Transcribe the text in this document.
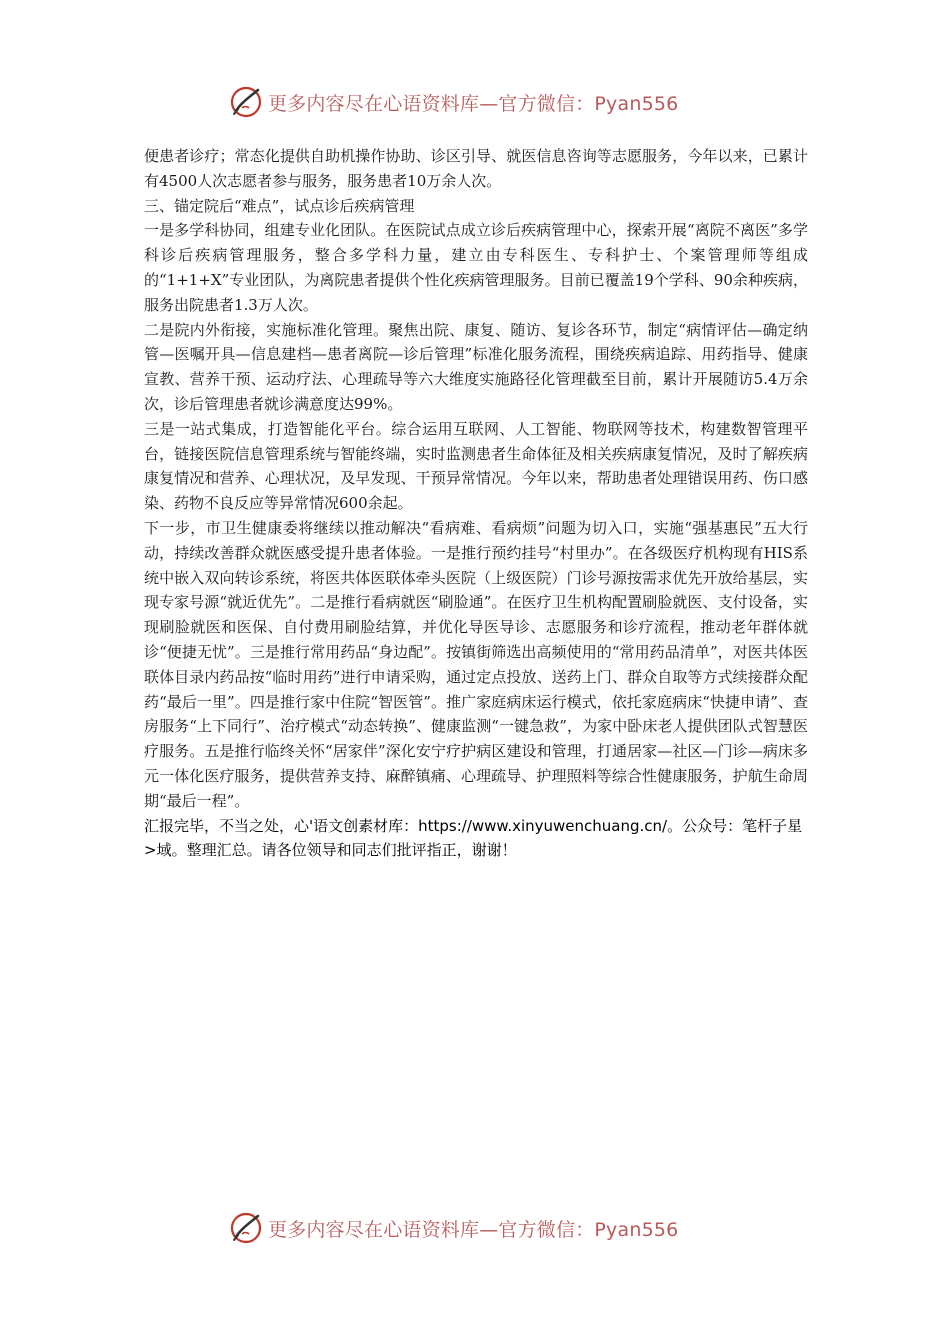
更多内容尽在心语资料库—官方微信：Pyan556

便患者诊疗；常态化提供自助机操作协助、诊区引导、就医信息咨询等志愿服务，今年以来，已累计有4500人次志愿者参与服务，服务患者10万余人次。

三、锚定院后“难点”，试点诊后疾病管理

一是多学科协同，组建专业化团队。在医院试点成立诊后疾病管理中心，探索开展“离院不离医”多学科诊后疾病管理服务，整合多学科力量，建立由专科医生、专科护士、个案管理师等组成的“1+1+X”专业团队，为离院患者提供个性化疾病管理服务。目前已覆盖19个学科、90余种疾病，服务出院患者1.3万人次。

二是院内外衔接，实施标准化管理。聚焦出院、康复、随访、复诊各环节，制定“病情评估—确定纳管—医嘱开具—信息建档—患者离院—诊后管理”标准化服务流程，围绕疾病追踪、用药指导、健康宣教、营养干预、运动疗法、心理疏导等六大维度实施路径化管理截至目前，累计开展随访5.4万余次，诊后管理患者就诊满意度达99%。

三是一站式集成，打造智能化平台。综合运用互联网、人工智能、物联网等技术，构建数智管理平台，链接医院信息管理系统与智能终端，实时监测患者生命体征及相关疾病康复情况，及时了解疾病康复情况和营养、心理状况，及早发现、干预异常情况。今年以来，帮助患者处理错误用药、伤口感染、药物不良反应等异常情况600余起。

下一步，市卫生健康委将继续以推动解决“看病难、看病烦”问题为切入口，实施“强基惠民”五大行动，持续改善群众就医感受提升患者体验。一是推行预约挂号“村里办”。在各级医疗机构现有HIS系统中嵌入双向转诊系统，将医共体医联体牵头医院（上级医院）门诊号源按需求优先开放给基层，实现专家号源“就近优先”。二是推行看病就医“刷脸通”。在医疗卫生机构配置刷脸就医、支付设备，实现刷脸就医和医保、自付费用刷脸结算，并优化导医导诊、志愿服务和诊疗流程，推动老年群体就诊“便捷无忧”。三是推行常用药品“身边配”。按镇街筛选出高频使用的“常用药品清单”，对医共体医联体目录内药品按“临时用药”进行申请采购，通过定点投放、送药上门、群众自取等方式续接群众配药“最后一里”。四是推行家中住院“智医管”。推广家庭病床运行模式，依托家庭病床“快捷申请”、查房服务“上下同行”、治疗模式“动态转换”、健康监测“一键急救”，为家中卧床老人提供团队式智慧医疗服务。五是推行临终关怀“居家伴”深化安宁疗护病区建设和管理，打通居家—社区—门诊—病床多元一体化医疗服务，提供营养支持、麻醉镇痛、心理疏导、护理照料等综合性健康服务，护航生命周期“最后一程”。

汇报完毕，不当之处，心'语文创素材库：https://www.xinyuwenchuang.cn/。公众号：笔杆子星>域。整理汇总。请各位领导和同志们批评指正，谢谢！

更多内容尽在心语资料库—官方微信：Pyan556
